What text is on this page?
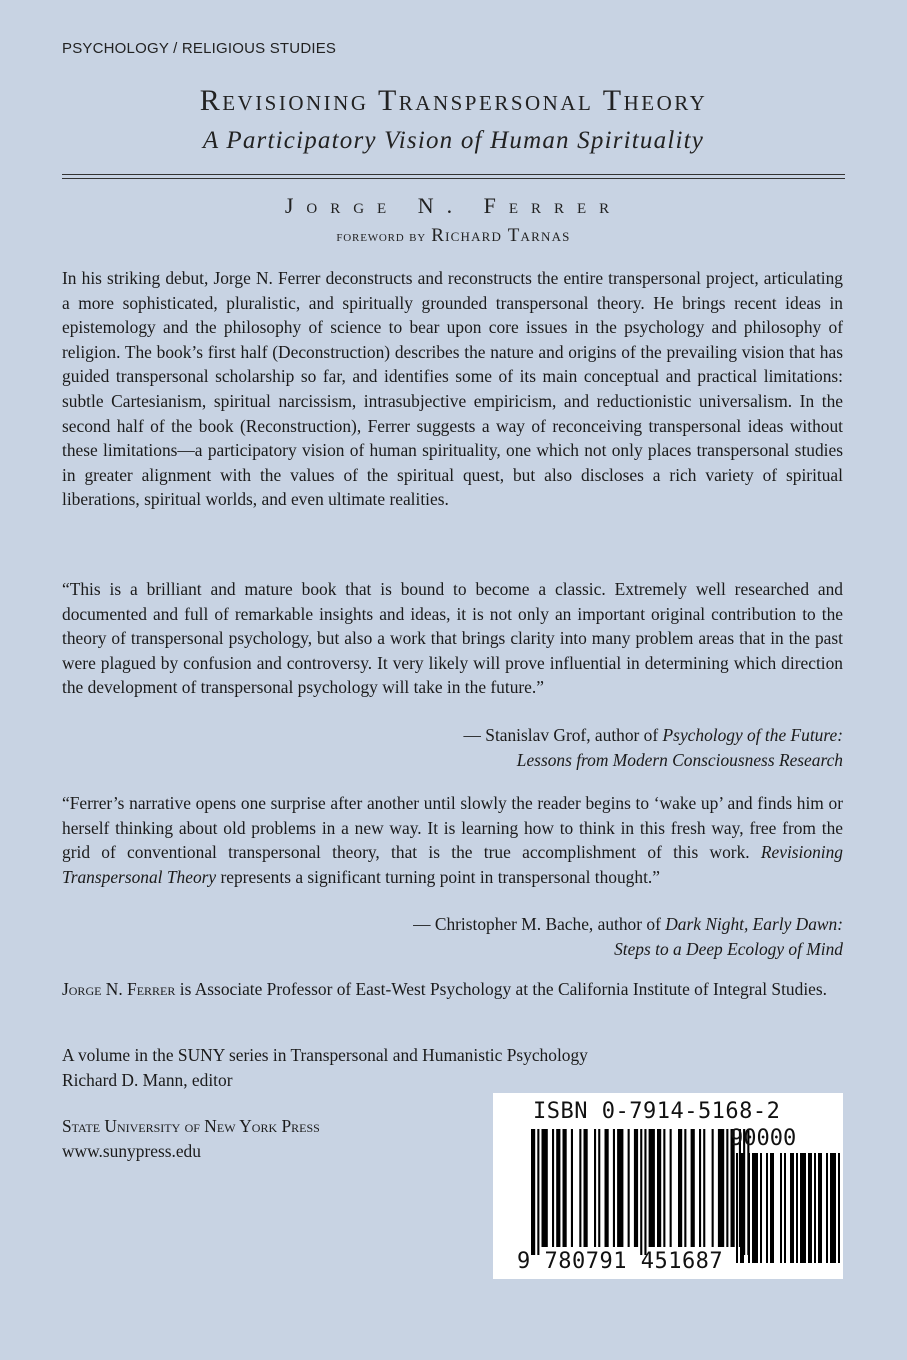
PSYCHOLOGY / RELIGIOUS STUDIES
Revisioning Transpersonal Theory
A Participatory Vision of Human Spirituality
Jorge N. Ferrer
foreword by Richard Tarnas

In his striking debut, Jorge N. Ferrer deconstructs and reconstructs the entire transpersonal project, articulating a more sophisticated, pluralistic, and spiritually grounded transpersonal theory. He brings recent ideas in epistemology and the philosophy of science to bear upon core issues in the psychology and philosophy of religion. The book’s first half (Deconstruction) describes the nature and origins of the prevailing vision that has guided transpersonal scholarship so far, and identifies some of its main conceptual and practical limitations: subtle Cartesianism, spiritual narcissism, intrasubjective empiricism, and reductionistic universalism. In the second half of the book (Reconstruction), Ferrer suggests a way of reconceiving transpersonal ideas without these limitations—a participatory vision of human spirituality, one which not only places transpersonal studies in greater alignment with the values of the spiritual quest, but also discloses a rich variety of spiritual liberations, spiritual worlds, and even ultimate realities.

“This is a brilliant and mature book that is bound to become a classic. Extremely well researched and documented and full of remarkable insights and ideas, it is not only an important original contribution to the theory of transpersonal psychology, but also a work that brings clarity into many problem areas that in the past were plagued by confusion and controversy. It very likely will prove influential in determining which direction the development of transpersonal psychology will take in the future.”

— Stanislav Grof, author of Psychology of the Future:
Lessons from Modern Consciousness Research

“Ferrer’s narrative opens one surprise after another until slowly the reader begins to ‘wake up’ and finds him or herself thinking about old problems in a new way. It is learning how to think in this fresh way, free from the grid of conventional transpersonal theory, that is the true accomplishment of this work. Revisioning Transpersonal Theory represents a significant turning point in transpersonal thought.”

— Christopher M. Bache, author of Dark Night, Early Dawn:
Steps to a Deep Ecology of Mind

Jorge N. Ferrer is Associate Professor of East-West Psychology at the California Institute of Integral Studies.

A volume in the SUNY series in Transpersonal and Humanistic Psychology
Richard D. Mann, editor

State University of New York Press
www.sunypress.edu

ISBN 0-7914-5168-2
90000
9 780791 451687
